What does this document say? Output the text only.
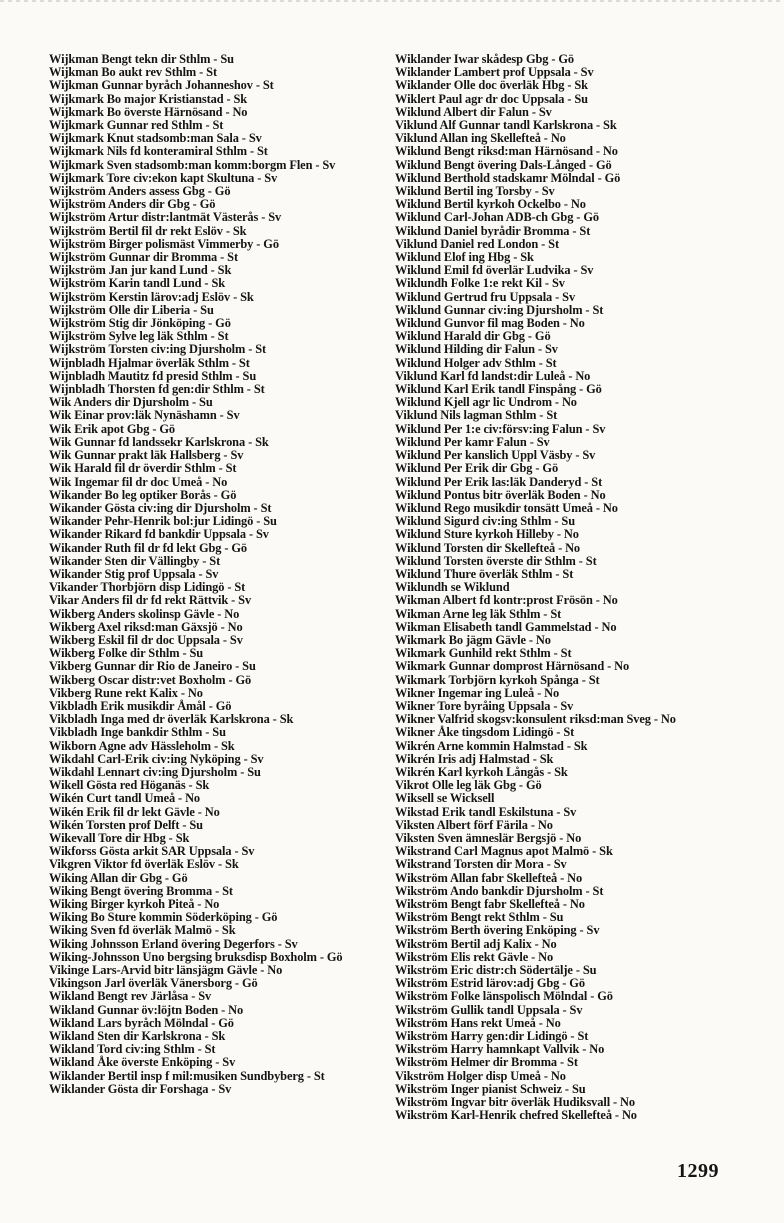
Wijkman Bengt tekn dir Sthlm - Su
Wijkman Bo aukt rev Sthlm - St
Wijkman Gunnar byråch Johanneshov - St
Wijkmark Bo major Kristianstad - Sk
Wijkmark Bo överste Härnösand - No
Wijkmark Gunnar red Sthlm - St
Wijkmark Knut stadsomb:man Sala - Sv
Wijkmark Nils fd konteramiral Sthlm - St
Wijkmark Sven stadsomb:man komm:borgm Flen - Sv
Wijkmark Tore civ:ekon kapt Skultuna - Sv
Wijkström Anders assess Gbg - Gö
Wijkström Anders dir Gbg - Gö
Wijkström Artur distr:lantmät Västerås - Sv
Wijkström Bertil fil dr rekt Eslöv - Sk
Wijkström Birger polismäst Vimmerby - Gö
Wijkström Gunnar dir Bromma - St
Wijkström Jan jur kand Lund - Sk
Wijkström Karin tandl Lund - Sk
Wijkström Kerstin lärov:adj Eslöv - Sk
Wijkström Olle dir Liberia - Su
Wijkström Stig dir Jönköping - Gö
Wijkström Sylve leg läk Sthlm - St
Wijkström Torsten civ:ing Djursholm - St
Wijnbladh Hjalmar överläk Sthlm - St
Wijnbladh Mautitz fd presid Sthlm - Su
Wijnbladh Thorsten fd gen:dir Sthlm - St
Wik Anders dir Djursholm - Su
Wik Einar prov:läk Nynäshamn - Sv
Wik Erik apot Gbg - Gö
Wik Gunnar fd landssekr Karlskrona - Sk
Wik Gunnar prakt läk Hallsberg - Sv
Wik Harald fil dr överdir Sthlm - St
Wik Ingemar fil dr doc Umeå - No
Wikander Bo leg optiker Borås - Gö
Wikander Gösta civ:ing dir Djursholm - St
Wikander Pehr-Henrik bol:jur Lidingö - Su
Wikander Rikard fd bankdir Uppsala - Sv
Wikander Ruth fil dr fd lekt Gbg - Gö
Wikander Sten dir Vällingby - St
Wikander Stig prof Uppsala - Sv
Vikander Thorbjörn disp Lidingö - St
Vikar Anders fil dr fd rekt Rättvik - Sv
Wikberg Anders skolinsp Gävle - No
Wikberg Axel riksd:man Gäxsjö - No
Wikberg Eskil fil dr doc Uppsala - Sv
Wikberg Folke dir Sthlm - Su
Vikberg Gunnar dir Rio de Janeiro - Su
Wikberg Oscar distr:vet Boxholm - Gö
Vikberg Rune rekt Kalix - No
Vikbladh Erik musikdir Åmål - Gö
Vikbladh Inga med dr överläk Karlskrona - Sk
Vikbladh Inge bankdir Sthlm - Su
Wikborn Agne adv Hässleholm - Sk
Wikdahl Carl-Erik civ:ing Nyköping - Sv
Wikdahl Lennart civ:ing Djursholm - Su
Wikell Gösta red Höganäs - Sk
Wikén Curt tandl Umeå - No
Wikén Erik fil dr lekt Gävle - No
Wikén Torsten prof Delft - Su
Wikevall Tore dir Hbg - Sk
Wikforss Gösta arkit SAR Uppsala - Sv
Vikgren Viktor fd överläk Eslöv - Sk
Wiking Allan dir Gbg - Gö
Wiking Bengt övering Bromma - St
Wiking Birger kyrkoh Piteå - No
Wiking Bo Sture kommin Söderköping - Gö
Wiking Sven fd överläk Malmö - Sk
Wiking Johnsson Erland övering Degerfors - Sv
Wiking-Johnsson Uno bergsing bruksdisp Boxholm - Gö
Vikinge Lars-Arvid bitr länsjägm Gävle - No
Vikingson Jarl överläk Vänersborg - Gö
Wikland Bengt rev Järlåsa - Sv
Wikland Gunnar öv:löjtn Boden - No
Wikland Lars byråch Mölndal - Gö
Wikland Sten dir Karlskrona - Sk
Wikland Tord civ:ing Sthlm - St
Wikland Åke överste Enköping - Sv
Wiklander Bertil insp f mil:musiken Sundbyberg - St
Wiklander Gösta dir Forshaga - Sv
Wiklander Iwar skådesp Gbg - Gö
Wiklander Lambert prof Uppsala - Sv
Wiklander Olle doc överläk Hbg - Sk
Wiklert Paul agr dr doc Uppsala - Su
Wiklund Albert dir Falun - Sv
Viklund Alf Gunnar tandl Karlskrona - Sk
Viklund Allan ing Skellefteå - No
Wiklund Bengt riksd:man Härnösand - No
Wiklund Bengt övering Dals-Långed - Gö
Wiklund Berthold stadskamr Mölndal - Gö
Wiklund Bertil ing Torsby - Sv
Wiklund Bertil kyrkoh Ockelbo - No
Wiklund Carl-Johan ADB-ch Gbg - Gö
Wiklund Daniel byrådir Bromma - St
Viklund Daniel red London - St
Wiklund Elof ing Hbg - Sk
Wiklund Emil fd överlär Ludvika - Sv
Wiklundh Folke 1:e rekt Kil - Sv
Wiklund Gertrud fru Uppsala - Sv
Wiklund Gunnar civ:ing Djursholm - St
Wiklund Gunvor fil mag Boden - No
Wiklund Harald dir Gbg - Gö
Wiklund Hilding dir Falun - Sv
Wiklund Holger adv Sthlm - St
Viklund Karl fd landst:dir Luleå - No
Wiklund Karl Erik tandl Finspång - Gö
Wiklund Kjell agr lic Undrom - No
Viklund Nils lagman Sthlm - St
Wiklund Per 1:e civ:försv:ing Falun - Sv
Wiklund Per kamr Falun - Sv
Wiklund Per kanslich Uppl Väsby - Sv
Wiklund Per Erik dir Gbg - Gö
Wiklund Per Erik las:läk Danderyd - St
Wiklund Pontus bitr överläk Boden - No
Wiklund Rego musikdir tonsätt Umeå - No
Wiklund Sigurd civ:ing Sthlm - Su
Wiklund Sture kyrkoh Hilleby - No
Wiklund Torsten dir Skellefteå - No
Wiklund Torsten överste dir Sthlm - St
Wiklund Thure överläk Sthlm - St
Wiklundh se Wiklund
Wikman Albert fd kontr:prost Frösön - No
Wikman Arne leg läk Sthlm - St
Wikman Elisabeth tandl Gammelstad - No
Wikmark Bo jägm Gävle - No
Wikmark Gunhild rekt Sthlm - St
Wikmark Gunnar domprost Härnösand - No
Wikmark Torbjörn kyrkoh Spånga - St
Wikner Ingemar ing Luleå - No
Wikner Tore byråing Uppsala - Sv
Wikner Valfrid skogsv:konsulent riksd:man Sveg - No
Wikner Åke tingsdom Lidingö - St
Wikrén Arne kommin Halmstad - Sk
Wikrén Iris adj Halmstad - Sk
Wikrén Karl kyrkoh Långås - Sk
Vikrot Olle leg läk Gbg - Gö
Wiksell se Wicksell
Wikstad Erik tandl Eskilstuna - Sv
Viksten Albert förf Färila - No
Viksten Sven ämneslär Bergsjö - No
Wikstrand Carl Magnus apot Malmö - Sk
Wikstrand Torsten dir Mora - Sv
Wikström Allan fabr Skellefteå - No
Wikström Ando bankdir Djursholm - St
Wikström Bengt fabr Skellefteå - No
Wikström Bengt rekt Sthlm - Su
Wikström Berth övering Enköping - Sv
Wikström Bertil adj Kalix - No
Wikström Elis rekt Gävle - No
Wikström Eric distr:ch Södertälje - Su
Wikström Estrid lärov:adj Gbg - Gö
Wikström Folke länspolisch Mölndal - Gö
Wikström Gullik tandl Uppsala - Sv
Wikström Hans rekt Umeå - No
Wikström Harry gen:dir Lidingö - St
Wikström Harry hamnkapt Vallvik - No
Wikström Helmer dir Bromma - St
Vikström Holger disp Umeå - No
Wikström Inger pianist Schweiz - Su
Wikström Ingvar bitr överläk Hudiksvall - No
Wikström Karl-Henrik chefred Skellefteå - No
1299
